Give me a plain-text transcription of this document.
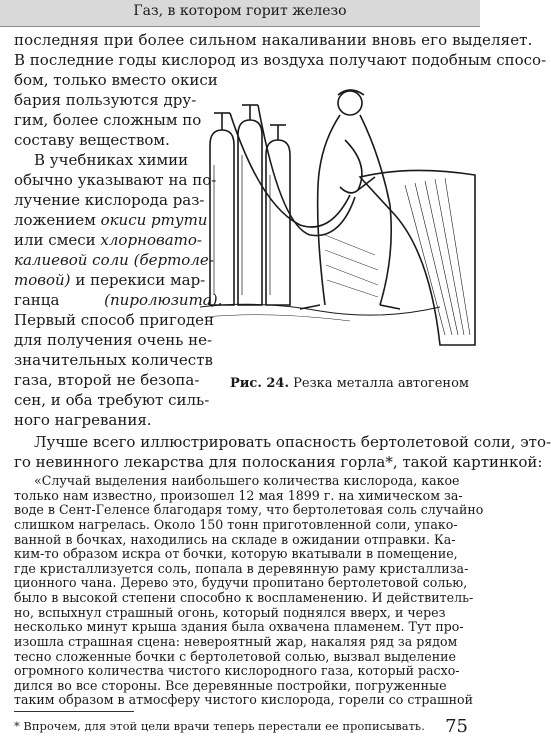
Газ, в котором горит железо
последняя при более сильном накаливании вновь его выделяет.
В последние годы кислород из воздуха получают подобным спосо-
бом, только вместо окиси
бария пользуются дру-
гим, более сложным по
составу веществом.
В учебниках химии
обычно указывают на по-
лучение кислорода раз-
ложением окиси ртути
или смеси хлорновато-
калиевой соли (бертоле-
товой) и перекиси мар-
ганца	(пиролюзита).
Первый способ пригоден
для получения очень не-
значительных количеств
газа, второй не безопа-
сен, и оба требуют силь-
ного нагревания.
Рис. 24. Резка металла автогеном
Лучше всего иллюстрировать опасность бертолетовой соли, это-
го невинного лекарства для полоскания горла*, такой картинкой:
«Случай выделения наибольшего количества кислорода, какое
только нам известно, произошел 12 мая 1899 г. на химическом за-
воде в Сент-Геленсе благодаря тому, что бертолетовая соль случайно
слишком нагрелась. Около 150 тонн приготовленной соли, упако-
ванной в бочках, находились на складе в ожидании отправки. Ка-
ким-то образом искра от бочки, которую вкатывали в помещение,
где кристаллизуется соль, попала в деревянную раму кристаллиза-
ционного чана. Дерево это, будучи пропитано бертолетовой солью,
было в высокой степени способно к воспламенению. И действитель-
но, вспыхнул страшный огонь, который поднялся вверх, и через
несколько минут крыша здания была охвачена пламенем. Тут про-
изошла страшная сцена: невероятный жар, накаляя ряд за рядом
тесно сложенные бочки с бертолетовой солью, вызвал выделение
* Впрочем, для этой цели врачи теперь перестали ее прописывать. 75
огромного количества чистого кислородного газа, который расхо-
дился во все стороны. Все деревянные постройки, погруженные
таким образом в атмосферу чистого кислорода, горели со страшной
